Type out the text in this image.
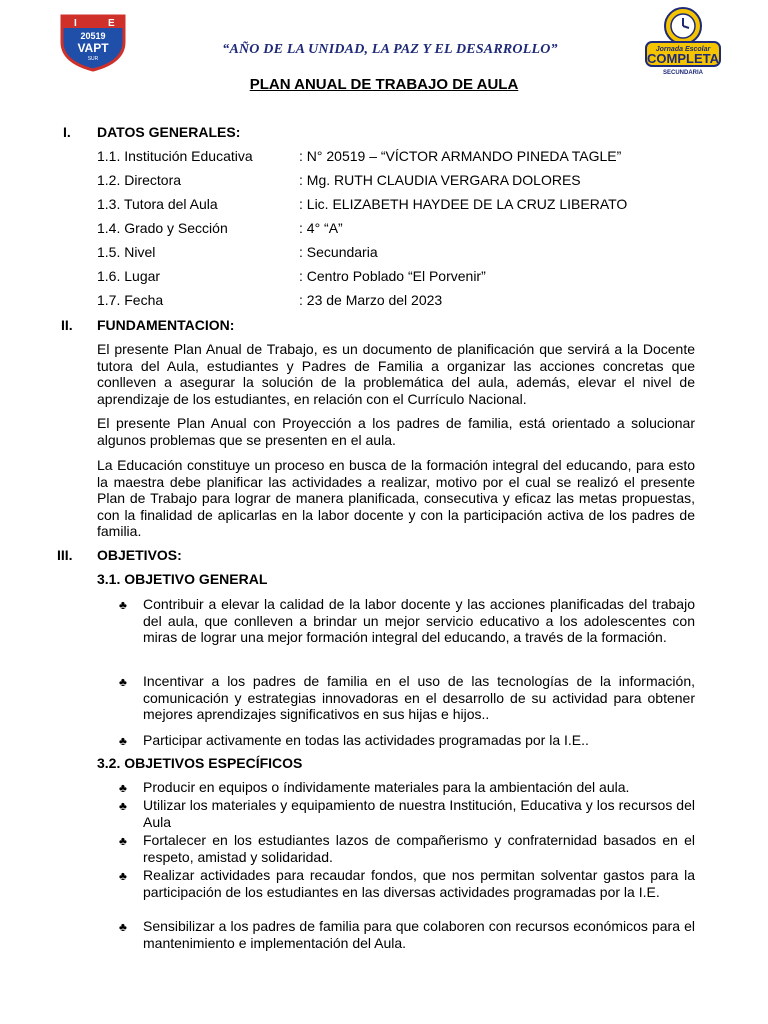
I	E
20519
VAPT
SUR
“AÑO DE LA UNIDAD, LA PAZ Y EL DESARROLLO”	Jornada Escolar
COMPLETA
SECUNDARIA
PLAN ANUAL DE TRABAJO DE AULA
I. DATOS GENERALES:
1.1. Institución Educativa	: N° 20519 – “VÍCTOR ARMANDO PINEDA TAGLE”
1.2. Directora	: Mg. RUTH CLAUDIA VERGARA DOLORES
1.3. Tutora del Aula	: Lic. ELIZABETH HAYDEE DE LA CRUZ LIBERATO
1.4. Grado y Sección	: 4° “A”
1.5. Nivel	: Secundaria
1.6. Lugar	: Centro Poblado “El Porvenir”
1.7. Fecha	: 23 de Marzo del 2023
II. FUNDAMENTACION:
El presente Plan Anual de Trabajo, es un documento de planificación que servirá a la Docente tutora del Aula, estudiantes y Padres de Familia a organizar las acciones concretas que conlleven a asegurar la solución de la problemática del aula, además, elevar el nivel de aprendizaje de los estudiantes, en relación con el Currículo Nacional.
El presente Plan Anual con Proyección a los padres de familia, está orientado a solucionar algunos problemas que se presenten en el aula.
La Educación constituye un proceso en busca de la formación integral del educando, para esto la maestra debe planificar las actividades a realizar, motivo por el cual se realizó el presente Plan de Trabajo para lograr de manera planificada, consecutiva y eficaz las metas propuestas, con la finalidad de aplicarlas en la labor docente y con la participación activa de los padres de familia.
III. OBJETIVOS:
3.1. OBJETIVO GENERAL
♣	Contribuir a elevar la calidad de la labor docente y las acciones planificadas del trabajo del aula, que conlleven a brindar un mejor servicio educativo a los adolescentes con miras de lograr una mejor formación integral del educando, a través de la formación.
♣	Incentivar a los padres de familia en el uso de las tecnologías de la información, comunicación y estrategias innovadoras en el desarrollo de su actividad para obtener mejores aprendizajes significativos en sus hijas e hijos..
♣	Participar activamente en todas las actividades programadas por la I.E..
3.2. OBJETIVOS ESPECÍFICOS
♣	Producir en equipos o índividamente materiales para la ambientación del aula.
♣	Utilizar los materiales y equipamiento de nuestra Institución, Educativa y los recursos del Aula
♣	Fortalecer en los estudiantes lazos de compañerismo y confraternidad basados en el respeto, amistad y solidaridad.
♣	Realizar actividades para recaudar fondos, que nos permitan solventar gastos para la participación de los estudiantes en las diversas actividades programadas por la I.E.
♣	Sensibilizar a los padres de familia para que colaboren con recursos económicos para el mantenimiento e implementación del Aula.
